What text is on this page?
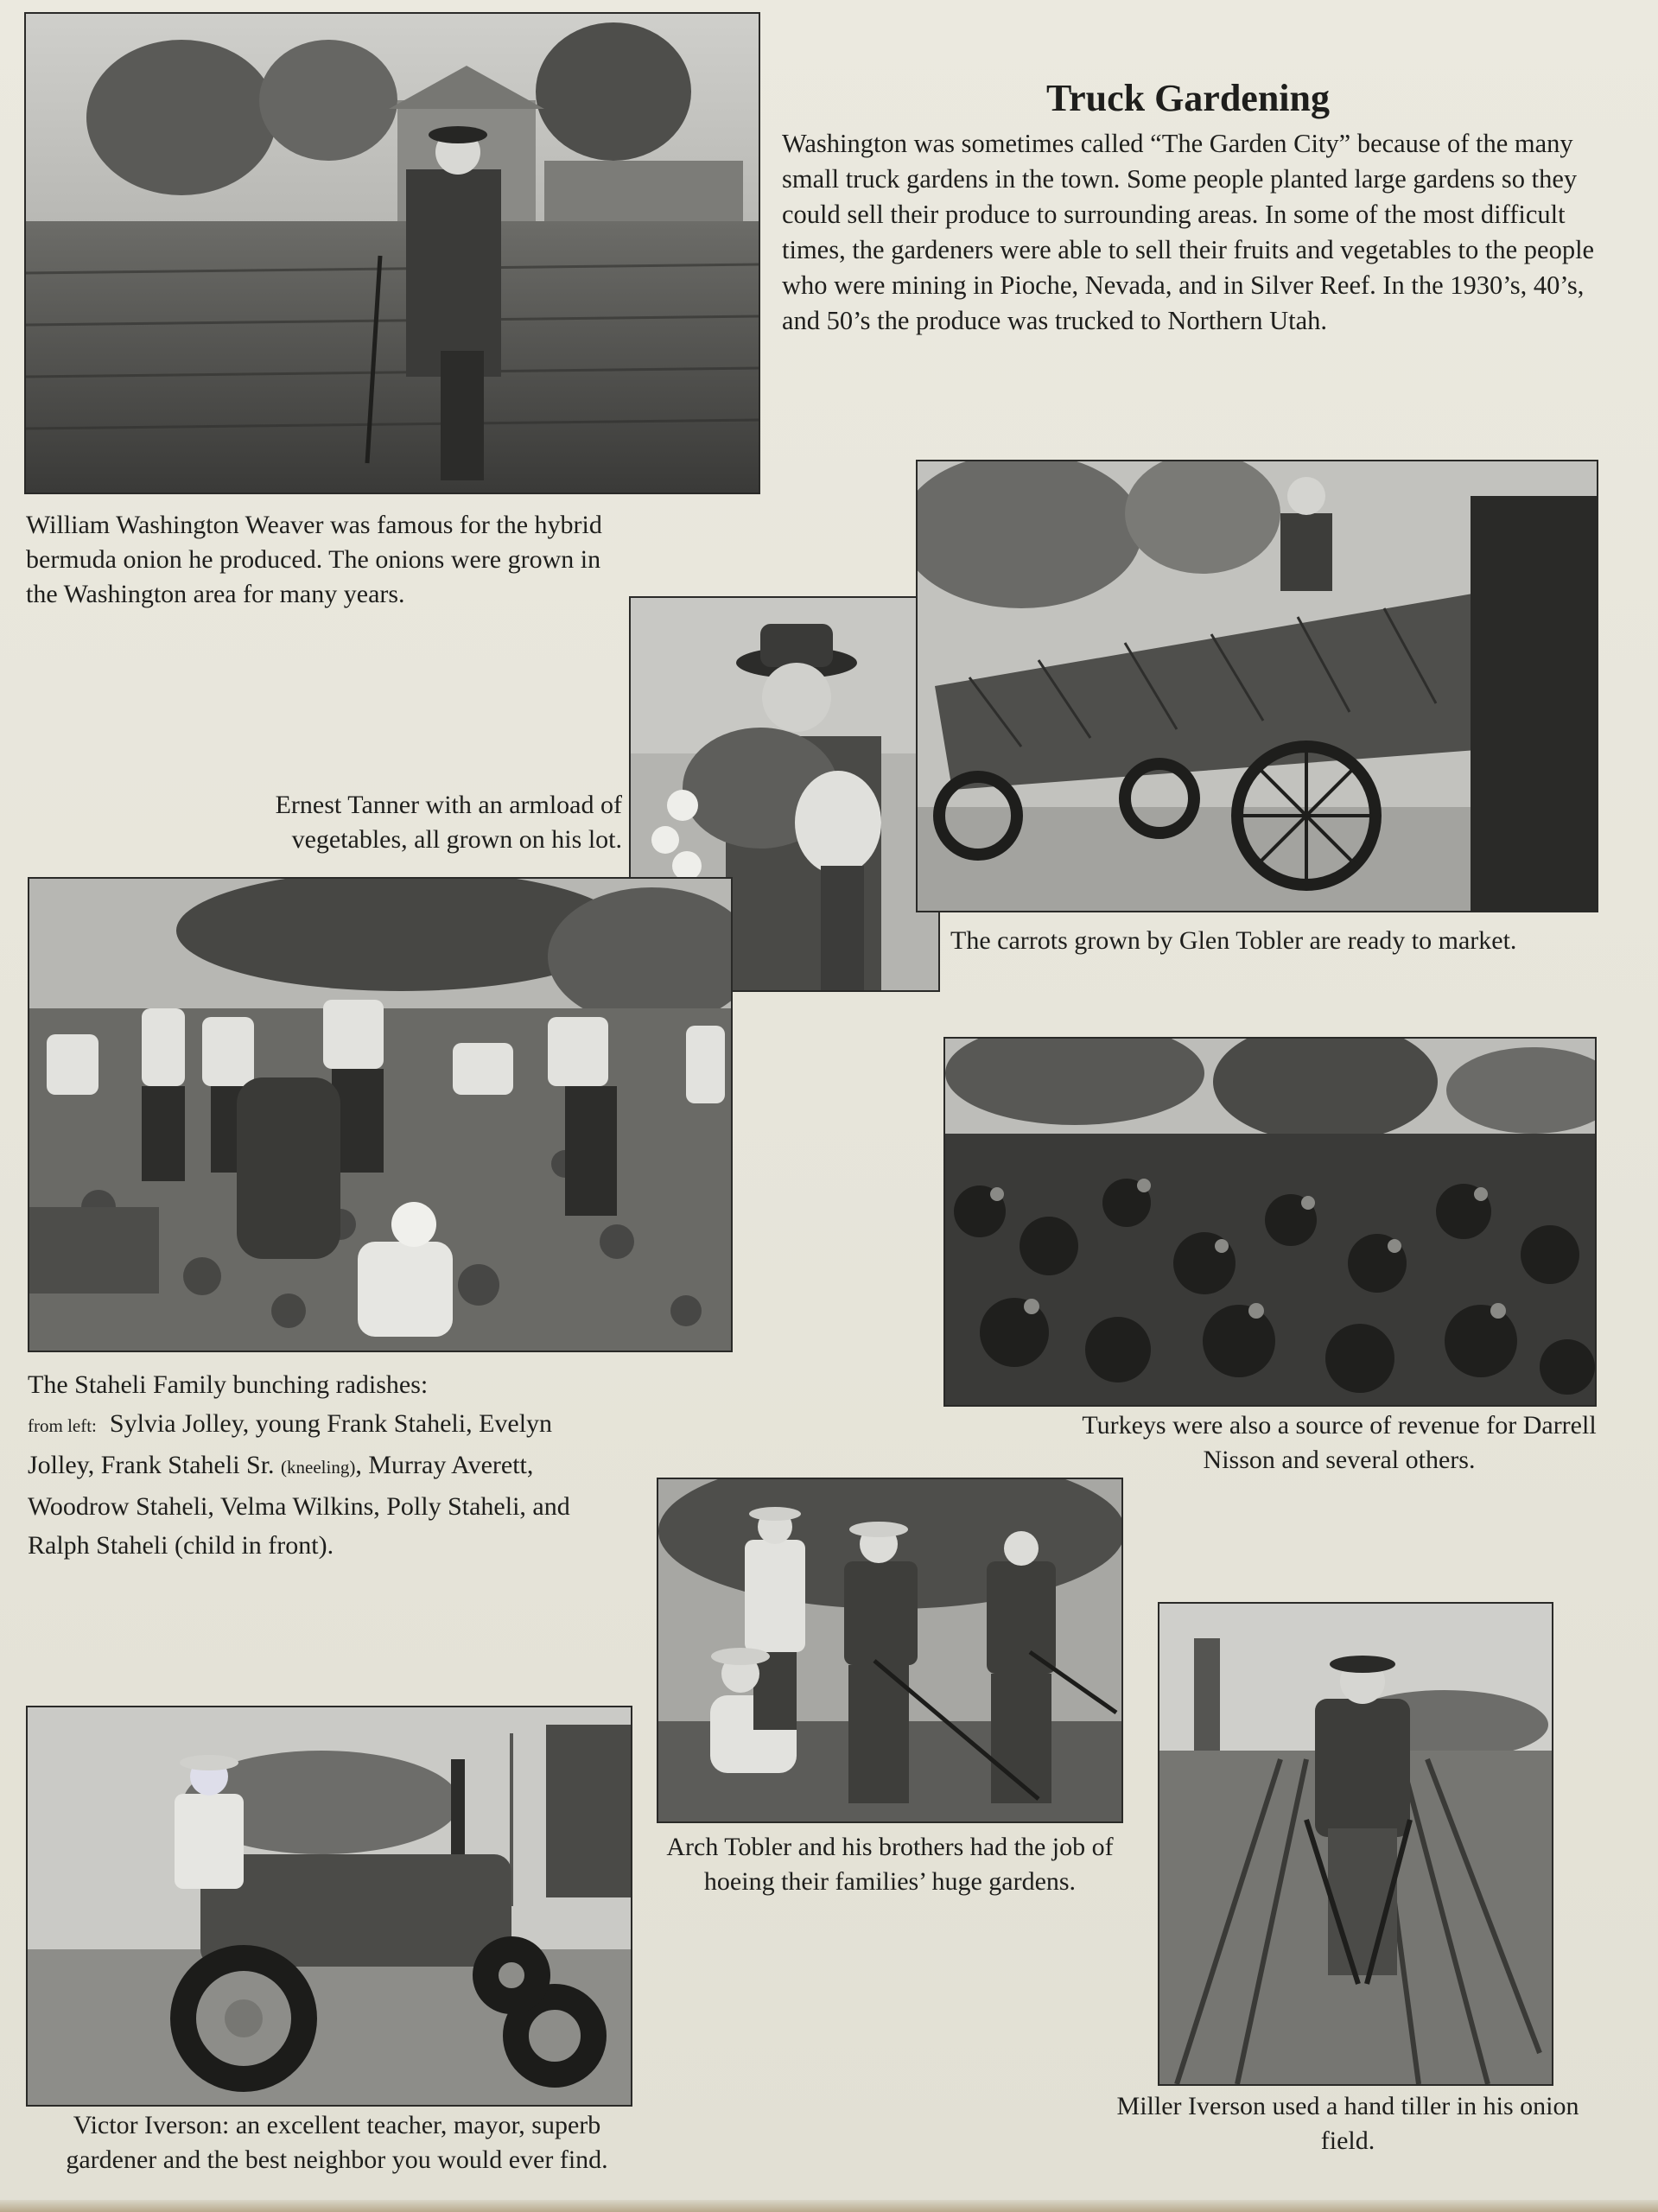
Truck Gardening
Washington was sometimes called “The Garden City” because of the many small truck gardens in the town. Some people planted large gardens so they could sell their produce to surrounding areas. In some of the most difficult times, the gardeners were able to sell their fruits and vegetables to the people who were mining in Pioche, Nevada, and in Silver Reef. In the 1930’s, 40’s, and 50’s the produce was trucked to Northern Utah.
William Washington Weaver was famous for the hybrid bermuda onion he produced. The onions were grown in the Washington area for many years.
Ernest Tanner with an armload of
vegetables, all grown on his lot.
The carrots grown by Glen Tobler are ready to market.
The Staheli Family bunching radishes:
from left: Sylvia Jolley, young Frank Staheli, Evelyn Jolley, Frank Staheli Sr. (kneeling), Murray Averett, Woodrow Staheli, Velma Wilkins, Polly Staheli, and Ralph Staheli (child in front).
Turkeys were also a source of revenue for Darrell Nisson and several others.
Arch Tobler and his brothers had the job of hoeing their families’ huge gardens.
Victor Iverson: an excellent teacher, mayor, superb gardener and the best neighbor you would ever find.
Miller Iverson used a hand tiller in his onion field.
